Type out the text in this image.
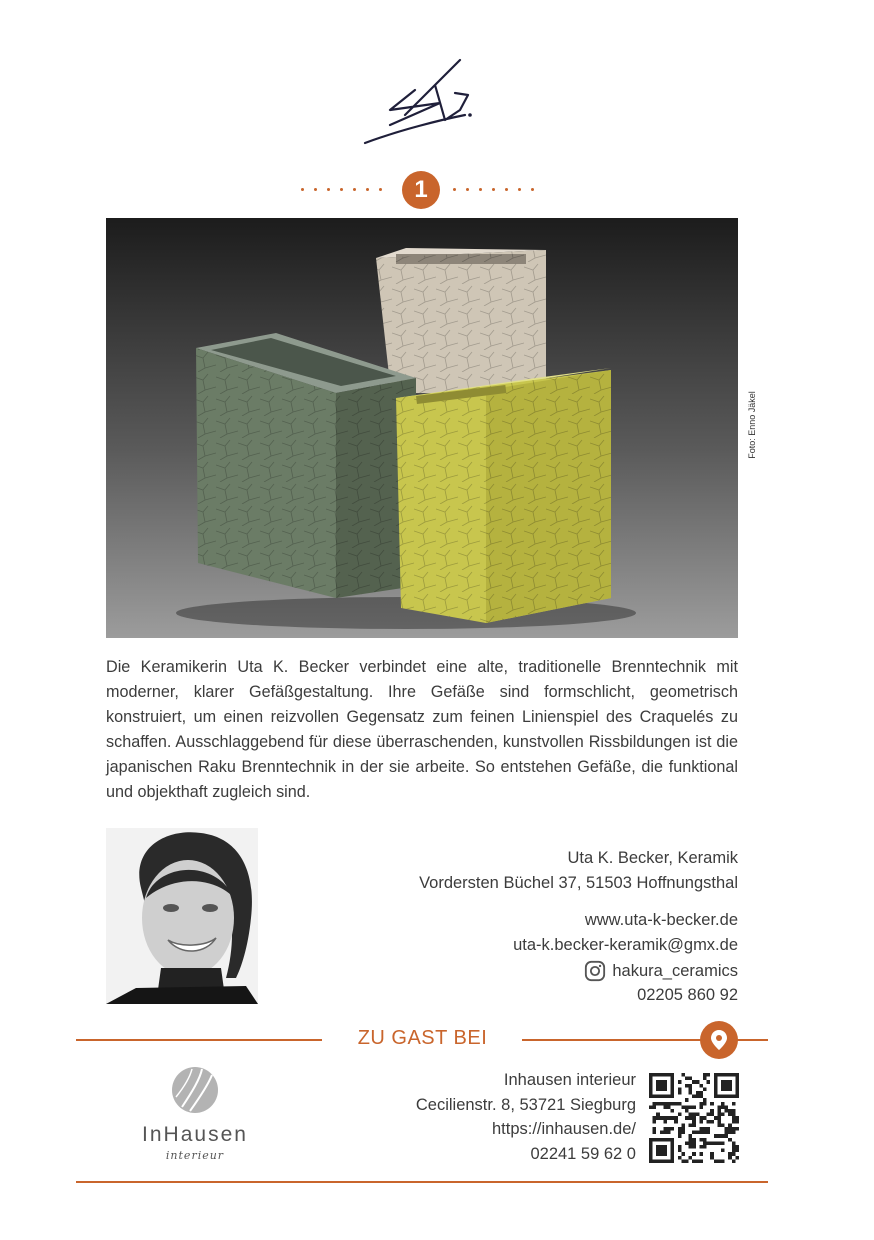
1
Foto: Enno Jäkel
Die Keramikerin Uta K. Becker verbindet eine alte, traditionelle Brenntechnik mit moderner, klarer Gefäßgestaltung. Ihre Gefäße sind formschlicht, geometrisch konstruiert, um einen reizvollen Gegensatz zum feinen Linienspiel des Craquelés zu schaffen. Ausschlaggebend für diese überraschenden, kunstvollen Rissbildungen ist die japanischen Raku Brenntechnik in der sie arbeite. So entstehen Gefäße, die funktional und objekthaft zugleich sind.
Uta K. Becker, Keramik
Vordersten Büchel 37, 51503 Hoffnungsthal
www.uta-k-becker.de
uta-k.becker-keramik@gmx.de
hakura_ceramics
02205 860 92
ZU GAST BEI
InHausen
interieur
Inhausen interieur
Cecilienstr. 8, 53721 Siegburg
https://inhausen.de/
02241 59 62 0
